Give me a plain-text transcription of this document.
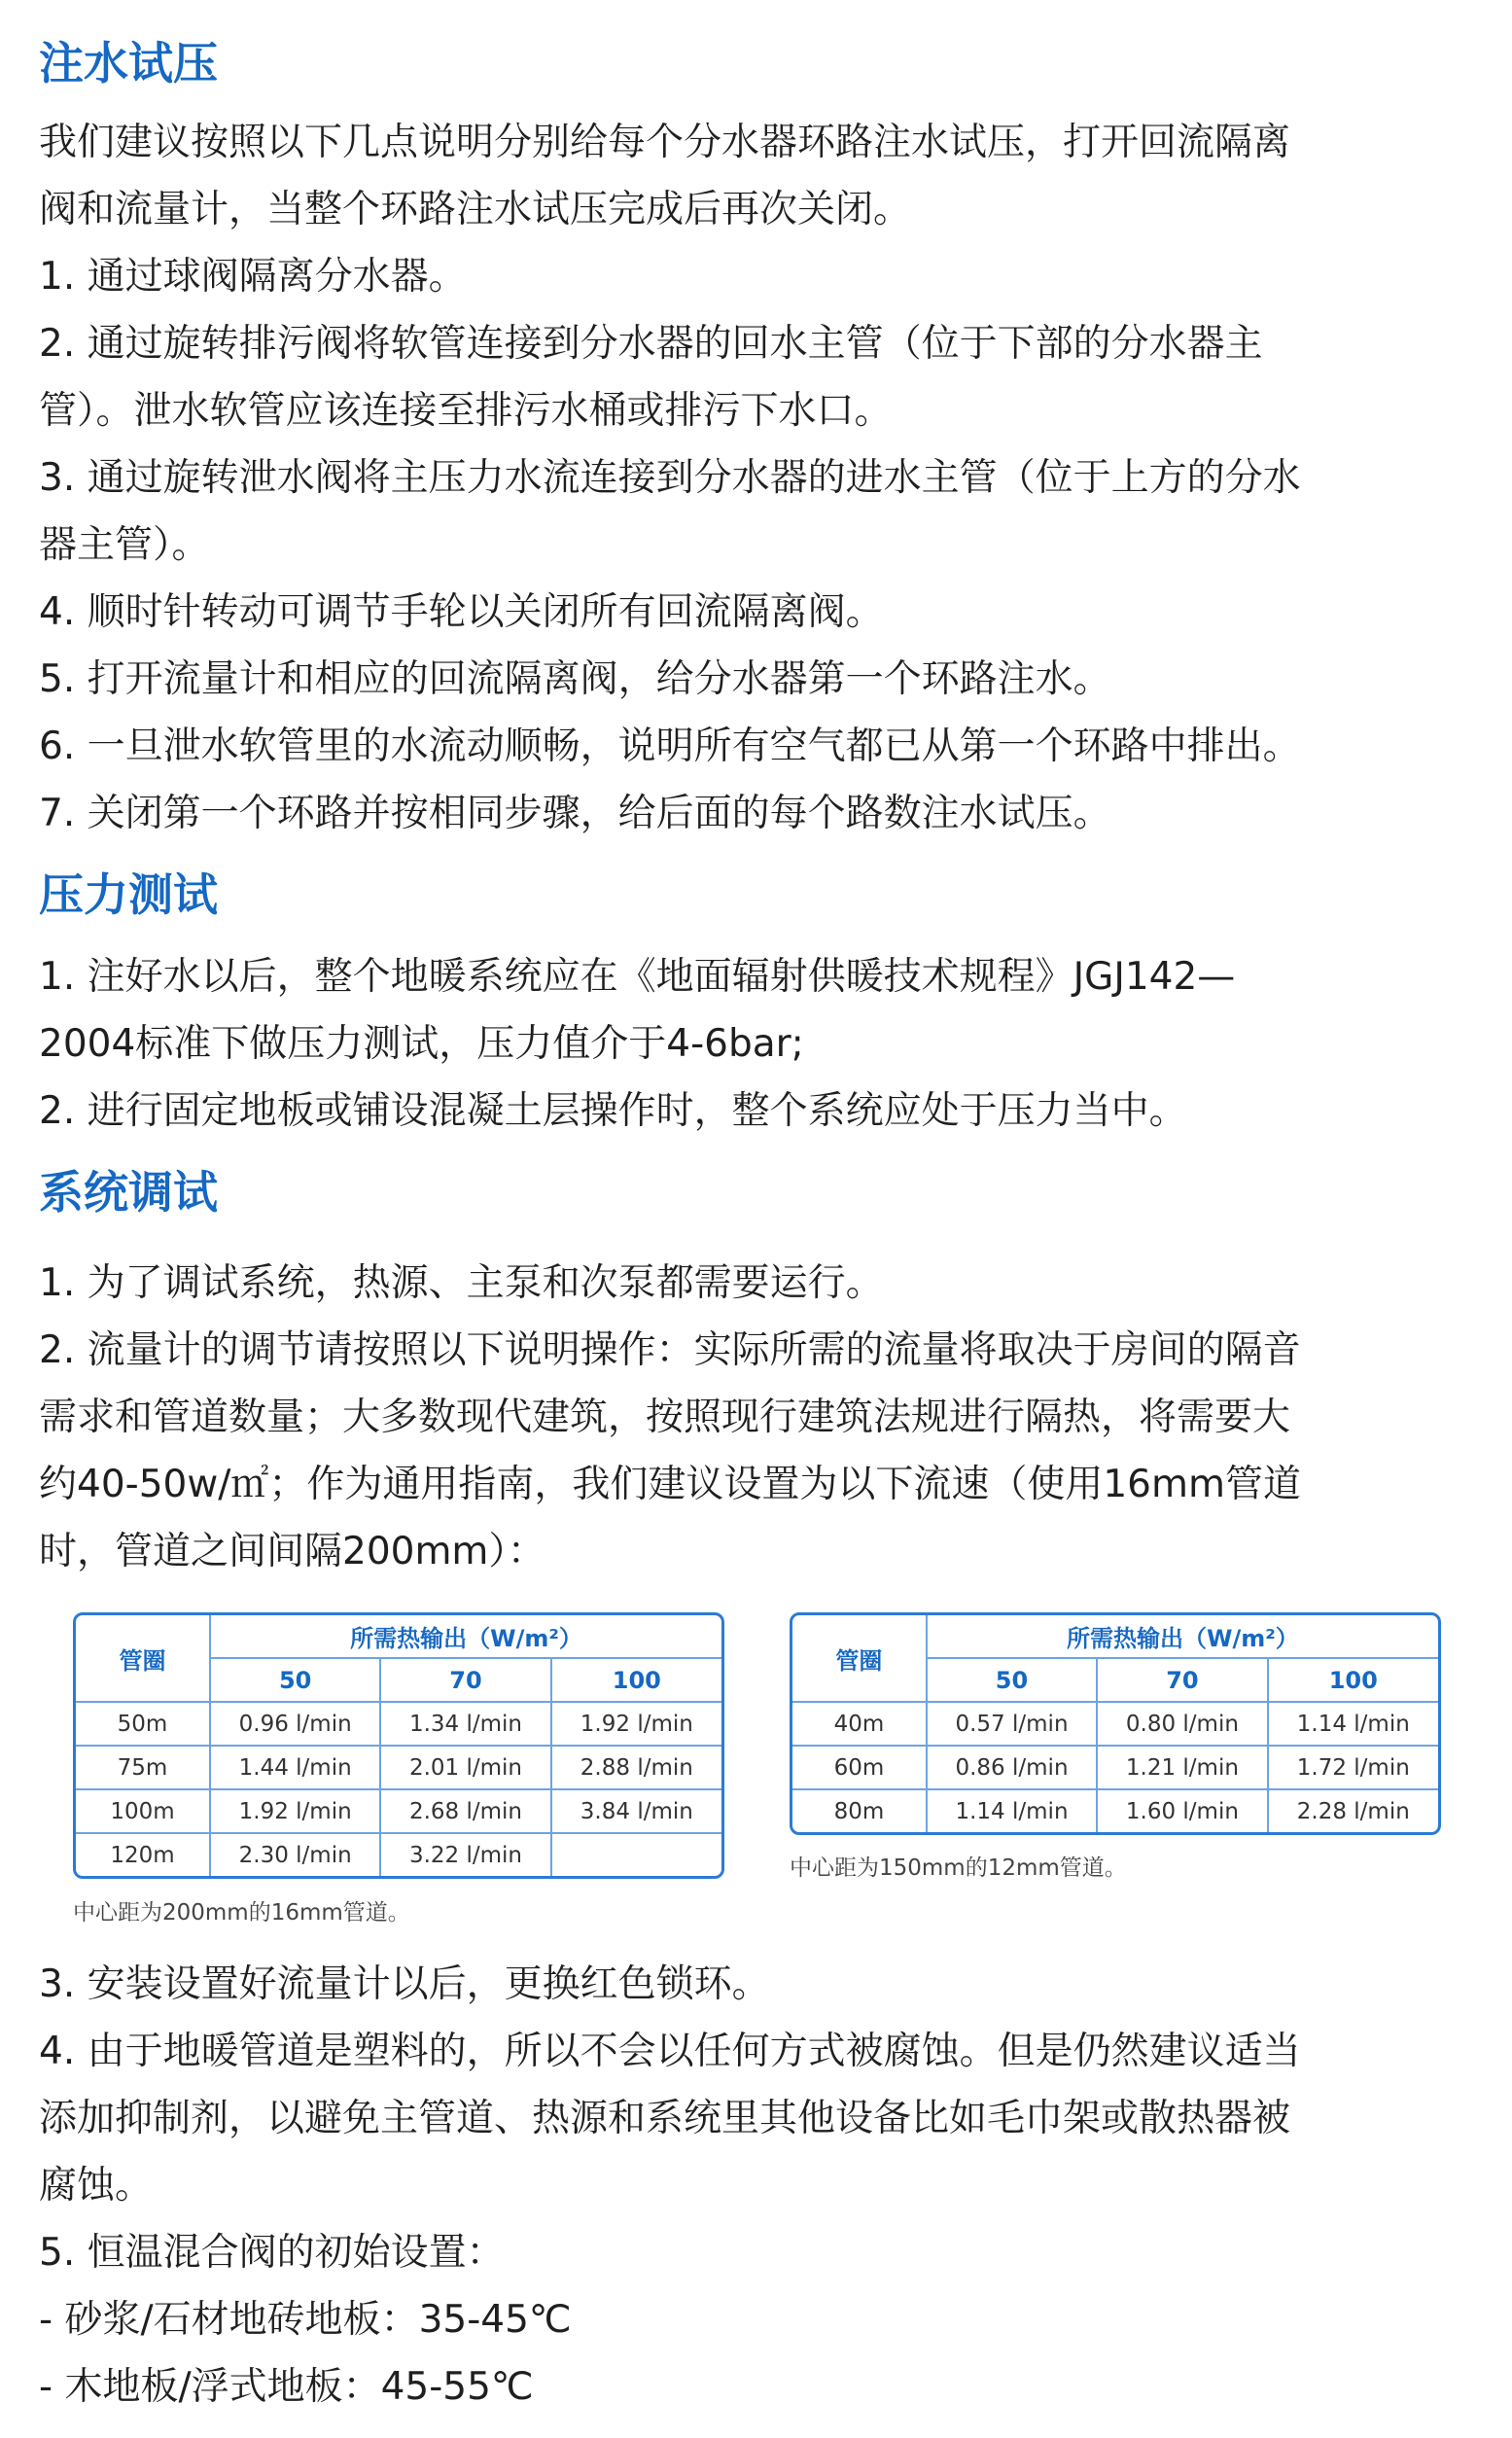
注水试压

我们建议按照以下几点说明分别给每个分水器环路注水试压，打开回流隔离

阀和流量计，当整个环路注水试压完成后再次关闭。

1. 通过球阀隔离分水器。

2. 通过旋转排污阀将软管连接到分水器的回水主管（位于下部的分水器主

管）。泄水软管应该连接至排污水桶或排污下水口。

3. 通过旋转泄水阀将主压力水流连接到分水器的进水主管（位于上方的分水

器主管）。

4. 顺时针转动可调节手轮以关闭所有回流隔离阀。

5. 打开流量计和相应的回流隔离阀，给分水器第一个环路注水。

6. 一旦泄水软管里的水流动顺畅，说明所有空气都已从第一个环路中排出。

7. 关闭第一个环路并按相同步骤，给后面的每个路数注水试压。

压力测试

1. 注好水以后，整个地暖系统应在《地面辐射供暖技术规程》JGJ142—

2004标准下做压力测试，压力值介于4-6bar;

2. 进行固定地板或铺设混凝土层操作时，整个系统应处于压力当中。

系统调试

1. 为了调试系统，热源、主泵和次泵都需要运行。

2. 流量计的调节请按照以下说明操作：实际所需的流量将取决于房间的隔音

需求和管道数量；大多数现代建筑，按照现行建筑法规进行隔热，将需要大

约40-50w/㎡；作为通用指南，我们建议设置为以下流速（使用16mm管道

时，管道之间间隔200mm）：

管圈	所需热输出（W/m²）		
	50	70	100
50m	0.96 l/min	1.34 l/min	1.92 l/min
75m	1.44 l/min	2.01 l/min	2.88 l/min
100m	1.92 l/min	2.68 l/min	3.84 l/min
120m	2.30 l/min	3.22 l/min	
中心距为200mm的16mm管道。
管圈	所需热输出（W/m²）		
	50	70	100
40m	0.57 l/min	0.80 l/min	1.14 l/min
60m	0.86 l/min	1.21 l/min	1.72 l/min
80m	1.14 l/min	1.60 l/min	2.28 l/min
中心距为150mm的12mm管道。

3. 安装设置好流量计以后，更换红色锁环。

4. 由于地暖管道是塑料的，所以不会以任何方式被腐蚀。但是仍然建议适当

添加抑制剂，以避免主管道、热源和系统里其他设备比如毛巾架或散热器被

腐蚀。

5. 恒温混合阀的初始设置：

- 砂浆/石材地砖地板：35-45℃

- 木地板/浮式地板：45-55℃
